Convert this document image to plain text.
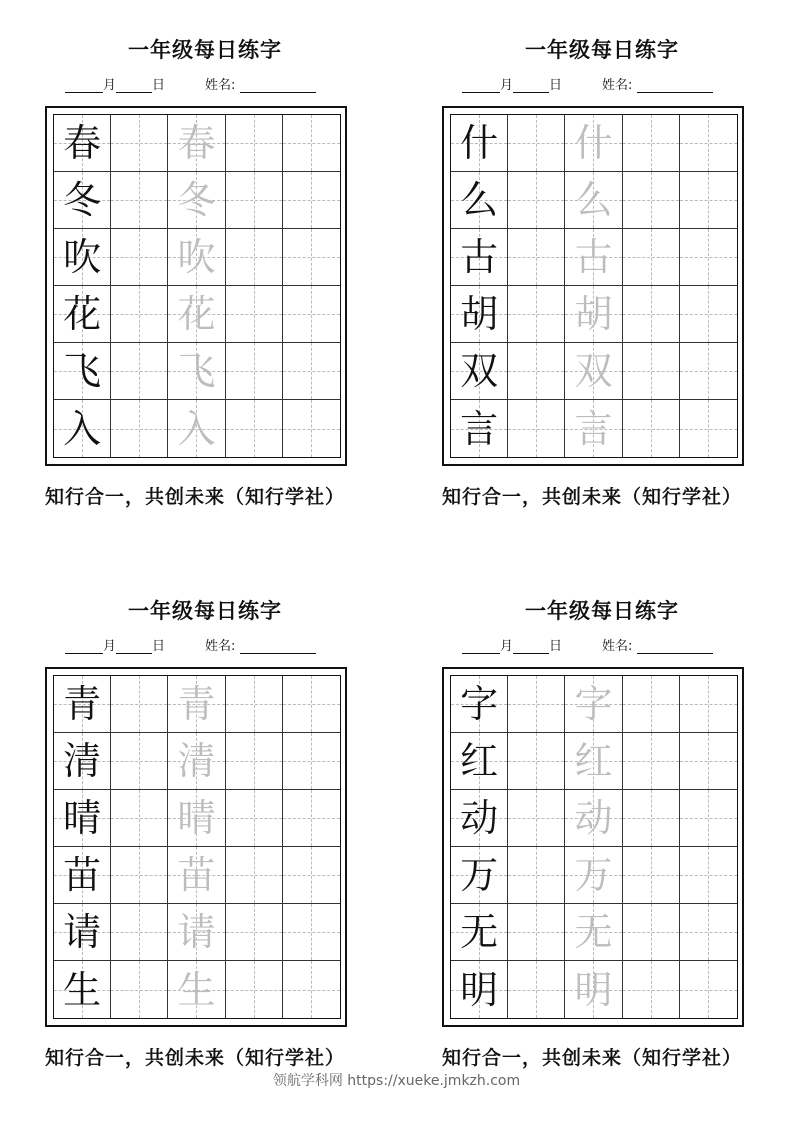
一年级每日练字
月	日	姓名:
春 春
冬 冬
吹 吹
花 花
飞 飞
入 入
知行合一，共创未来（知行学社）
一年级每日练字
月	日	姓名:
什 什
么 么
古 古
胡 胡
双 双
言 言
知行合一，共创未来（知行学社）
一年级每日练字
月	日	姓名:
青 青
清 清
晴 晴
苗 苗
请 请
生 生
知行合一，共创未来（知行学社）
一年级每日练字
月	日	姓名:
字 字
红 红
动 动
万 万
无 无
明 明
知行合一，共创未来（知行学社）
领航学科网 https://xueke.jmkzh.com
